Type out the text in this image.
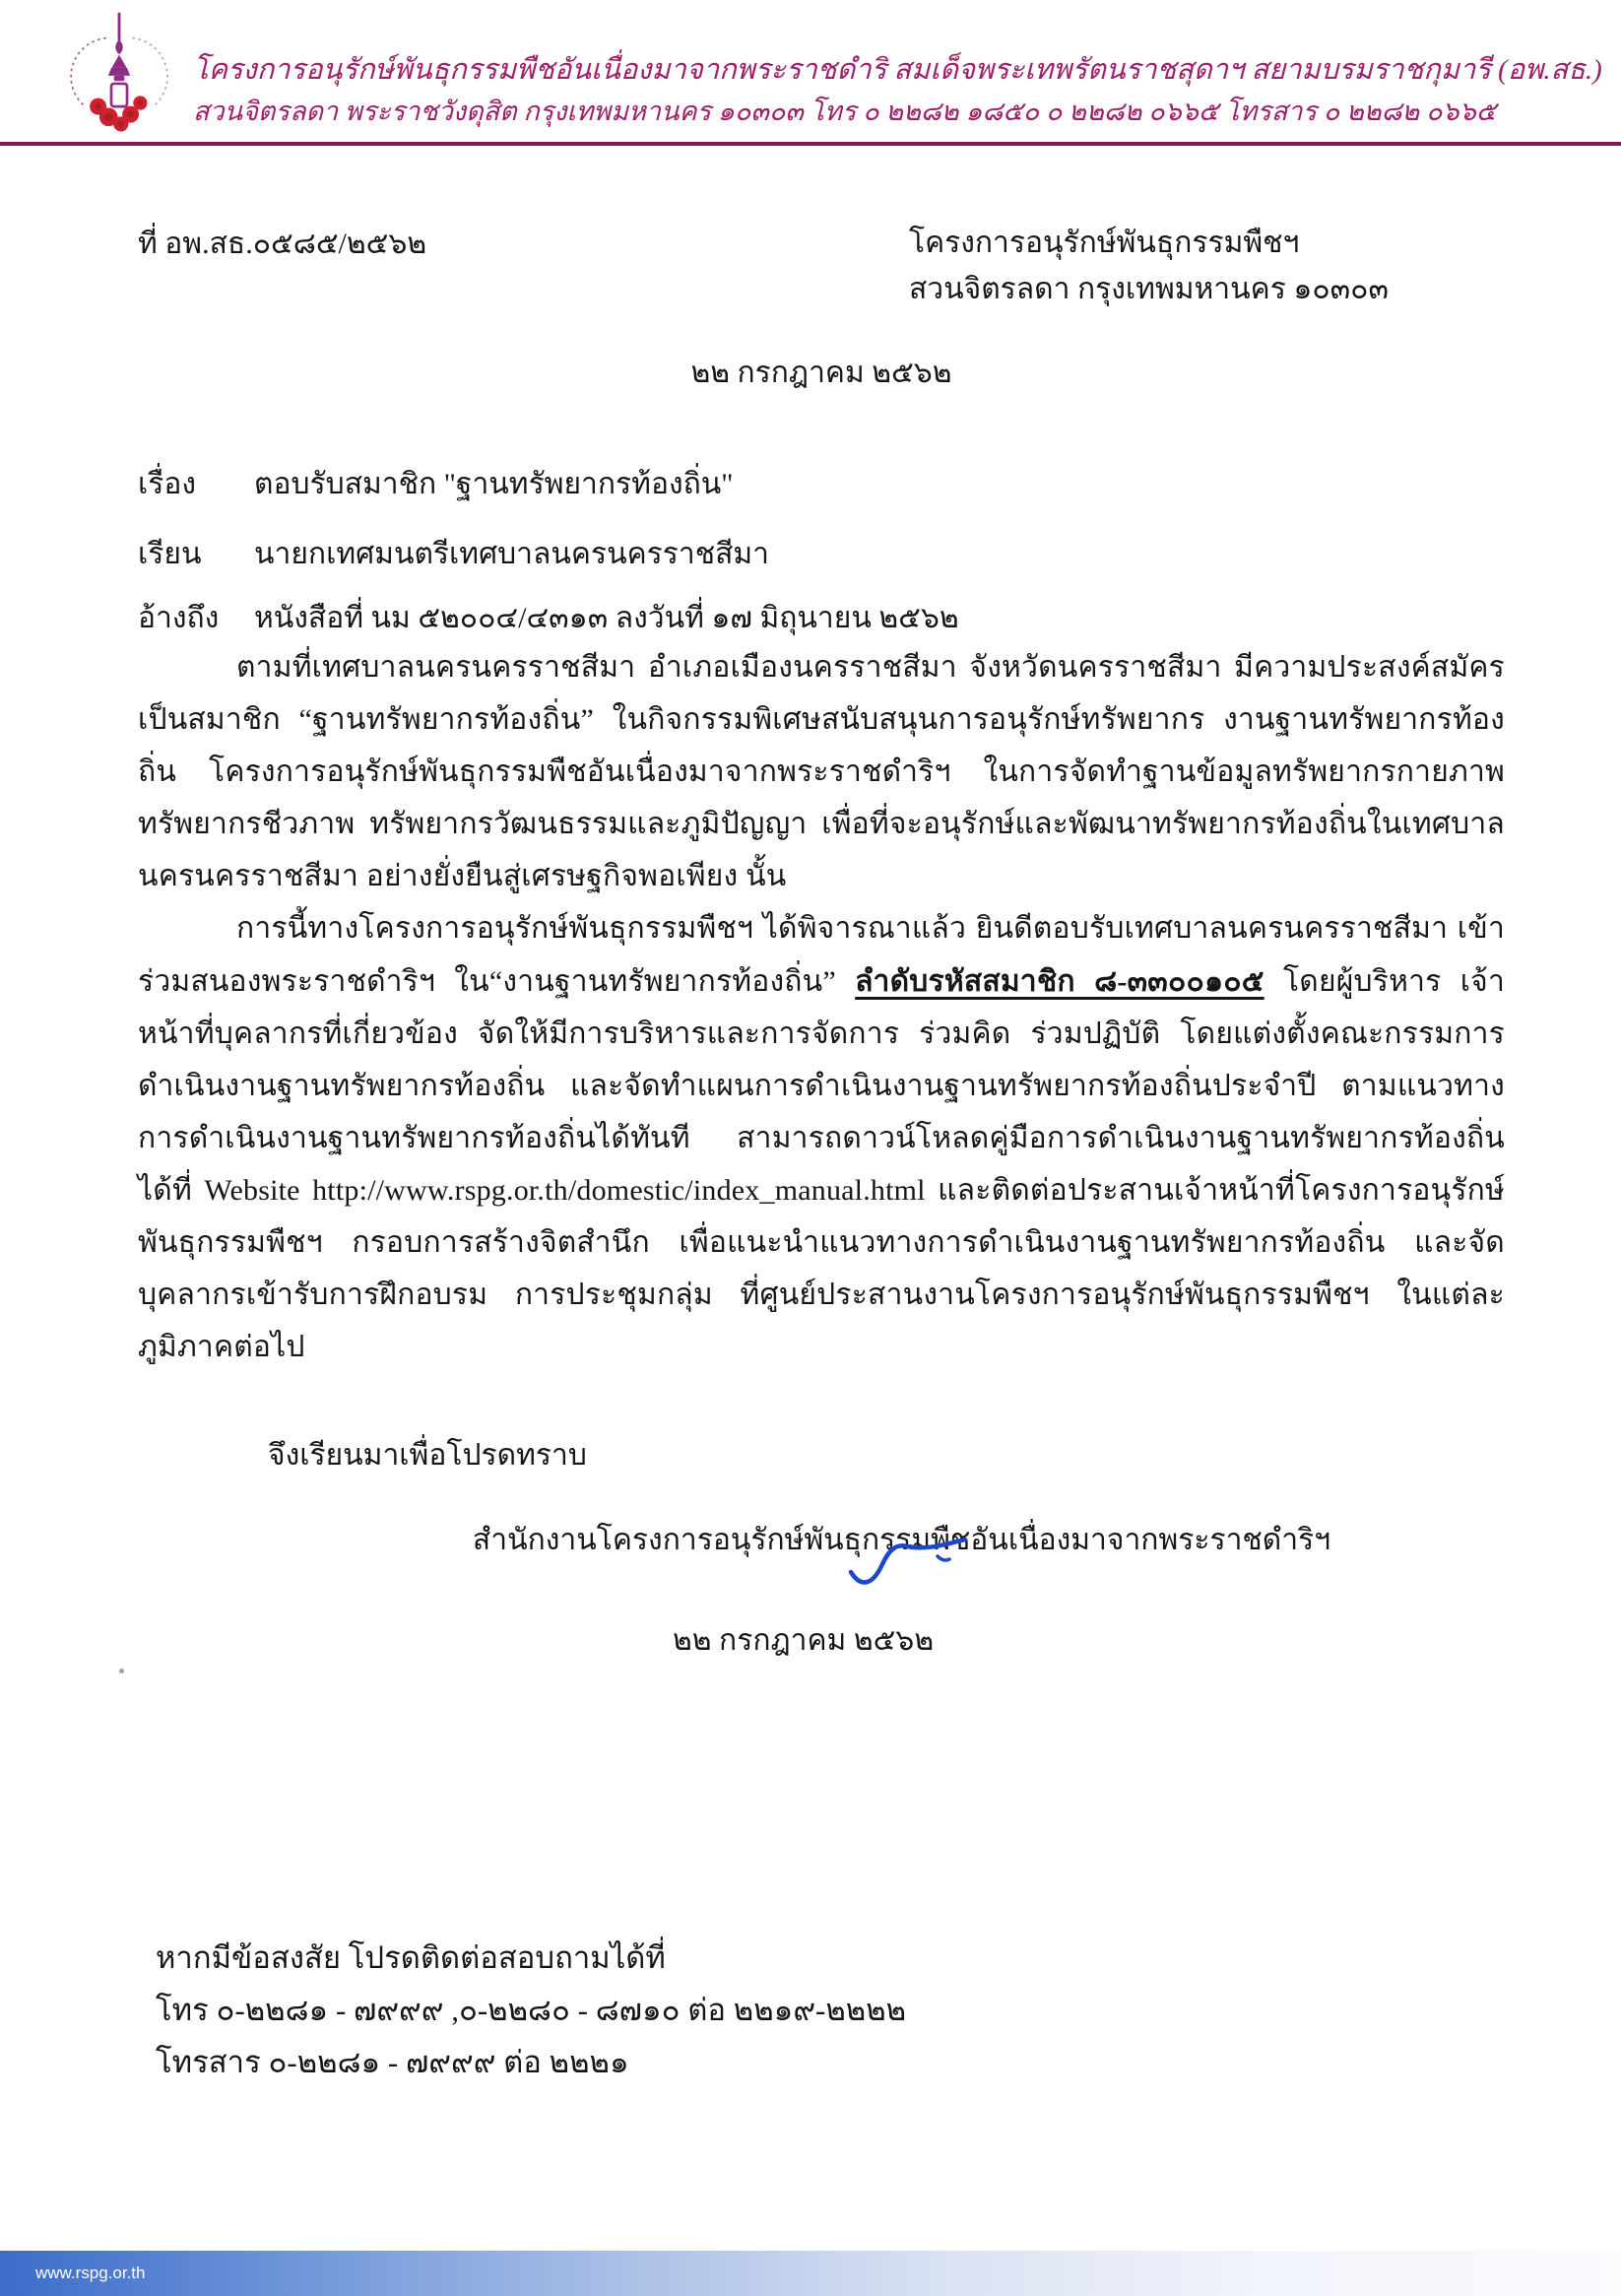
โครงการอนุรักษ์พันธุกรรมพืชอันเนื่องมาจากพระราชดำริ สมเด็จพระเทพรัตนราชสุดาฯ สยามบรมราชกุมารี (อพ.สธ.)
สวนจิตรลดา พระราชวังดุสิต กรุงเทพมหานคร ๑๐๓๐๓ โทร ๐ ๒๒๘๒ ๑๘๕๐ ๐ ๒๒๘๒ ๐๖๖๕ โทรสาร ๐ ๒๒๘๒ ๐๖๖๕
ที่ อพ.สธ.๐๕๘๕/๒๕๖๒	โครงการอนุรักษ์พันธุกรรมพืชฯ
สวนจิตรลดา กรุงเทพมหานคร ๑๐๓๐๓
๒๒ กรกฎาคม ๒๕๖๒
เรื่อง	ตอบรับสมาชิก "ฐานทรัพยากรท้องถิ่น"
เรียน	นายกเทศมนตรีเทศบาลนครนครราชสีมา
อ้างถึง	หนังสือที่ นม ๕๒๐๐๔/๔๓๑๓ ลงวันที่ ๑๗ มิถุนายน ๒๕๖๒

ตามที่เทศบาลนครนครราชสีมา อำเภอเมืองนครราชสีมา จังหวัดนครราชสีมา มีความประสงค์สมัครเป็นสมาชิก “ฐานทรัพยากรท้องถิ่น” ในกิจกรรมพิเศษสนับสนุนการอนุรักษ์ทรัพยากร งานฐานทรัพยากรท้องถิ่น โครงการอนุรักษ์พันธุกรรมพืชอันเนื่องมาจากพระราชดำริฯ ในการจัดทำฐานข้อมูลทรัพยากรกายภาพ ทรัพยากรชีวภาพ ทรัพยากรวัฒนธรรมและภูมิปัญญา เพื่อที่จะอนุรักษ์และพัฒนาทรัพยากรท้องถิ่นในเทศบาลนครนครราชสีมา อย่างยั่งยืนสู่เศรษฐกิจพอเพียง นั้น

การนี้ทางโครงการอนุรักษ์พันธุกรรมพืชฯ ได้พิจารณาแล้ว ยินดีตอบรับเทศบาลนครนครราชสีมา เข้าร่วมสนองพระราชดำริฯ ใน“งานฐานทรัพยากรท้องถิ่น” ลำดับรหัสสมาชิก ๘-๓๓๐๐๑๐๕ โดยผู้บริหาร เจ้าหน้าที่บุคลากรที่เกี่ยวข้อง จัดให้มีการบริหารและการจัดการ ร่วมคิด ร่วมปฏิบัติ โดยแต่งตั้งคณะกรรมการดำเนินงานฐานทรัพยากรท้องถิ่น และจัดทำแผนการดำเนินงานฐานทรัพยากรท้องถิ่นประจำปี ตามแนวทางการดำเนินงานฐานทรัพยากรท้องถิ่นได้ทันที สามารถดาวน์โหลดคู่มือการดำเนินงานฐานทรัพยากรท้องถิ่นได้ที่ Website http://www.rspg.or.th/domestic/index_manual.html และติดต่อประสานเจ้าหน้าที่โครงการอนุรักษ์พันธุกรรมพืชฯ กรอบการสร้างจิตสำนึก เพื่อแนะนำแนวทางการดำเนินงานฐานทรัพยากรท้องถิ่น และจัดบุคลากรเข้ารับการฝึกอบรม การประชุมกลุ่ม ที่ศูนย์ประสานงานโครงการอนุรักษ์พันธุกรรมพืชฯ ในแต่ละภูมิภาคต่อไป

จึงเรียนมาเพื่อโปรดทราบ
สำนักงานโครงการอนุรักษ์พันธุกรรมพืชอันเนื่องมาจากพระราชดำริฯ
๒๒ กรกฎาคม ๒๕๖๒
หากมีข้อสงสัย โปรดติดต่อสอบถามได้ที่
โทร ๐-๒๒๘๑ - ๗๙๙๙ ,๐-๒๒๘๐ - ๘๗๑๐ ต่อ ๒๒๑๙-๒๒๒๒
โทรสาร ๐-๒๒๘๑ - ๗๙๙๙ ต่อ ๒๒๒๑
www.rspg.or.th
